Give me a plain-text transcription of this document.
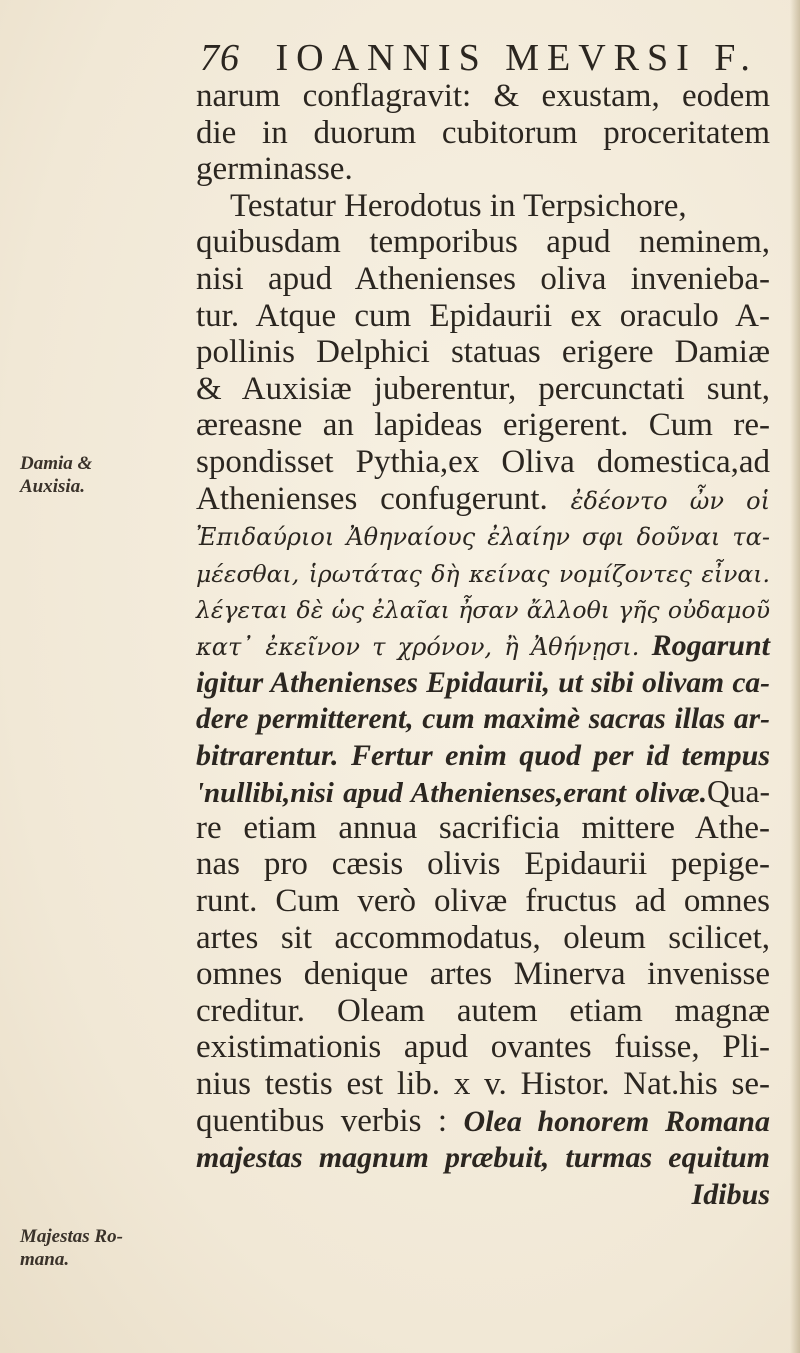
76 IOANNIS MEVRSI F.
narum conflagravit: & exustam, eodem
die in duorum cubitorum proceritatem
germinasse.
Testatur Herodotus in Terpsichore,
quibusdam temporibus apud neminem,
nisi apud Athenienses oliva invenieba-
tur. Atque cum Epidaurii ex oraculo A-
pollinis Delphici statuas erigere Damiæ
& Auxisiæ juberentur, percunctati sunt,
æreasne an lapideas erigerent. Cum re-
spondisset Pythia,ex Oliva domestica,ad
Athenienses confugerunt. ἐδέοντο ὦν οἱ
Ἐπιδαύριοι Ἀθηναίους ἐλαίην σφι δοῦναι τα-
μέεσθαι, ἱρωτάτας δὴ κείνας νομίζοντες εἶναι.
λέγεται δὲ ὡς ἐλαῖαι ἦσαν ἄλλοθι γῆς οὐδαμοῦ
κατ᾽ ἐκεῖνον τ χρόνον, ἢ Ἀθήνῃσι. Rogarunt
igitur Athenienses Epidaurii, ut sibi olivam ca-
dere permitterent, cum maximè sacras illas ar-
bitrarentur. Fertur enim quod per id tempus
'nullibi,nisi apud Athenienses,erant olivæ.Qua-
re etiam annua sacrificia mittere Athe-
nas pro cæsis olivis Epidaurii pepige-
runt. Cum verò olivæ fructus ad omnes
artes sit accommodatus, oleum scilicet,
omnes denique artes Minerva invenisse
creditur. Oleam autem etiam magnæ
existimationis apud ovantes fuisse, Pli-
nius testis est lib. x v. Histor. Nat.his se-
quentibus verbis : Olea honorem Romana
majestas magnum præbuit, turmas equitum
Idibus
Damia &
Auxisia.
Majestas Ro-
mana.
